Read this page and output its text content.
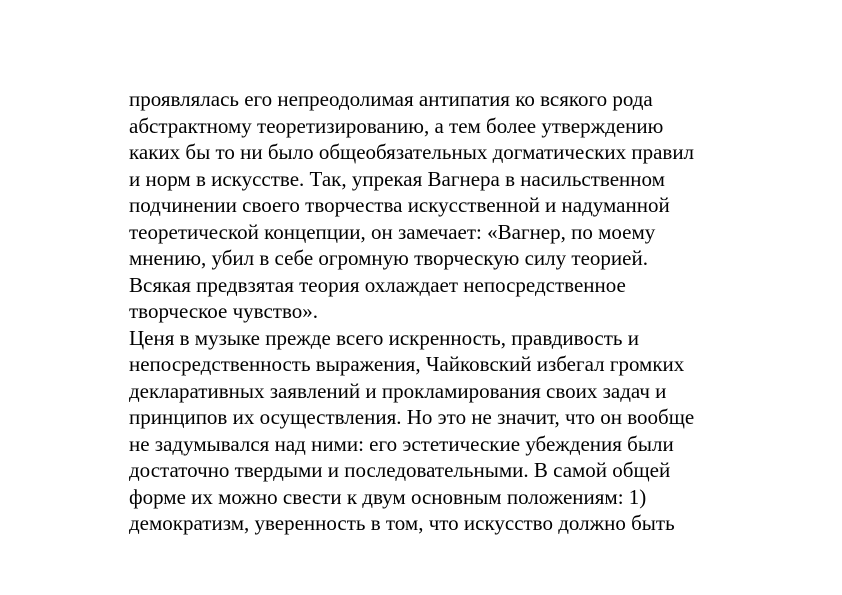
проявлялась его непреодолимая антипатия ко всякого рода
абстрактному теоретизированию, а тем более утверждению
каких бы то ни было общеобязательных догматических правил
и норм в искусстве. Так, упрекая Вагнера в насильственном
подчинении своего творчества искусственной и надуманной
теоретической концепции, он замечает: «Вагнер, по моему
мнению, убил в себе огромную творческую силу теорией.
Всякая предвзятая теория охлаждает непосредственное
творческое чувство».
Ценя в музыке прежде всего искренность, правдивость и
непосредственность выражения, Чайковский избегал громких
декларативных заявлений и прокламирования своих задач и
принципов их осуществления. Но это не значит, что он вообще
не задумывался над ними: его эстетические убеждения были
достаточно твердыми и последовательными. В самой общей
форме их можно свести к двум основным положениям: 1)
демократизм, уверенность в том, что искусство должно быть
